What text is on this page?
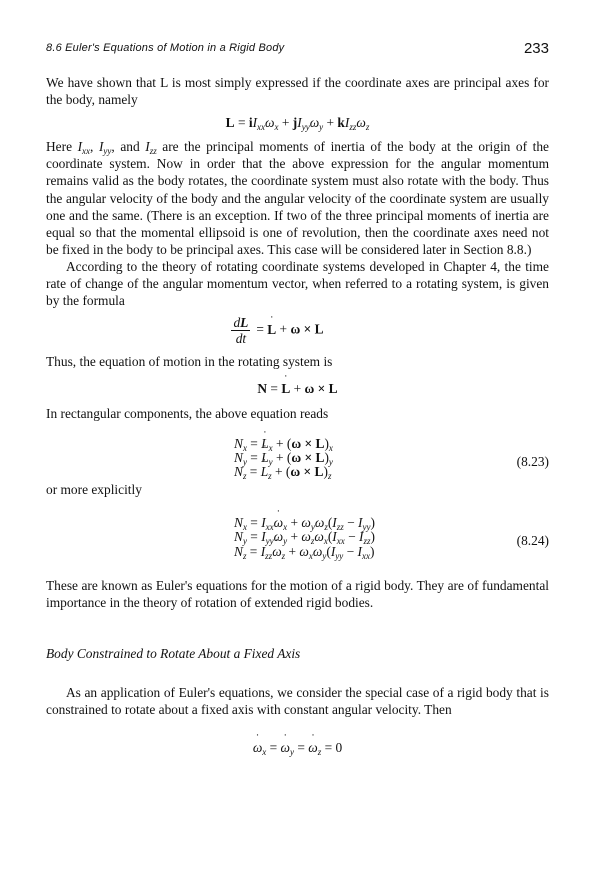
8.6 Euler's Equations of Motion in a Rigid Body	233

We have shown that L is most simply expressed if the coordinate axes are principal axes for the body, namely

$L = iI_{xx}\omega_x + jI_{yy}\omega_y + kI_{zz}\omega_z$

Here $I_{xx}$, $I_{yy}$, and $I_{zz}$ are the principal moments of inertia of the body at the origin of the coordinate system. Now in order that the above expression for the angular momentum remains valid as the body rotates, the coordinate system must also rotate with the body. Thus the angular velocity of the body and the angular velocity of the coordinate system are usually one and the same. (There is an exception. If two of the three principal moments of inertia are equal so that the momental ellipsoid is one of revolution, then the coordinate axes need not be fixed in the body to be principal axes. This case will be considered later in Section 8.8.)

According to the theory of rotating coordinate systems developed in Chapter 4, the time rate of change of the angular momentum vector, when referred to a rotating system, is given by the formula

$\frac{dL}{dt} = L$ ˙ + ω × L

Thus, the equation of motion in the rotating system is

N = L ˙ + ω × L

In rectangular components, the above equation reads

$N_x = L$ $˙_x + (\omega \times L)_x$
$N_y = L$ $˙_y + (\omega \times L)_y$
$N_z = L$ $˙_z + (\omega \times L)_z$
(8.23)

or more explicitly

$N_x = I_{xx}\omega$ $˙_x + \omega_y\omega_z(I_{zz} - I_{yy})$
$N_y = I_{yy}\omega$ $˙_y + \omega_z\omega_x(I_{xx} - I_{zz})$
$N_z = I_{zz}\omega$ $˙_z + \omega_x\omega_y(I_{yy} - I_{xx})$
(8.24)

These are known as Euler's equations for the motion of a rigid body. They are of fundamental importance in the theory of rotation of extended rigid bodies.

Body Constrained to Rotate About a Fixed Axis

As an application of Euler's equations, we consider the special case of a rigid body that is constrained to rotate about a fixed axis with constant angular velocity. Then

ω $˙_x = \omega$ $˙_y = \omega$ $˙_z = 0$
